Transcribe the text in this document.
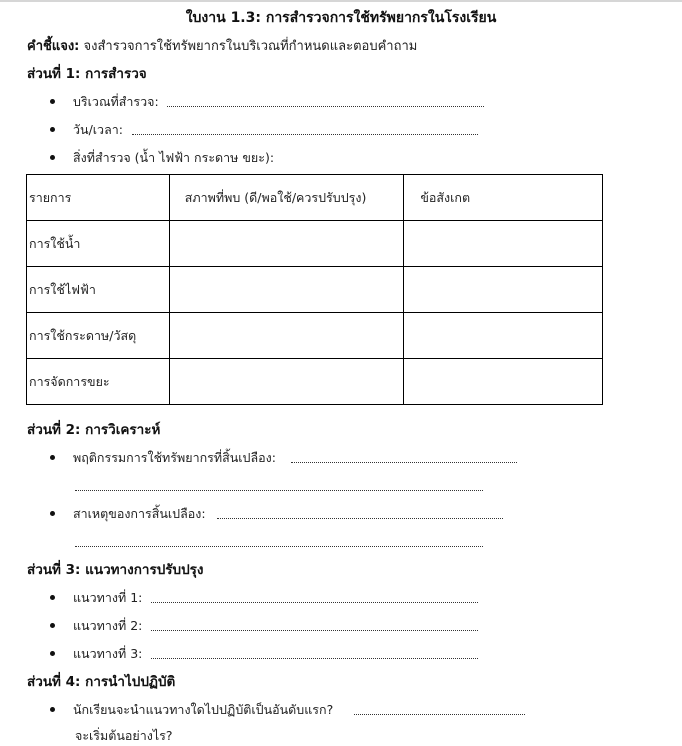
ใบงาน 1.3: การสำรวจการใช้ทรัพยากรในโรงเรียน
คำชี้แจง: จงสำรวจการใช้ทรัพยากรในบริเวณที่กำหนดและตอบคำถาม
ส่วนที่ 1: การสำรวจ
บริเวณที่สำรวจ:
วัน/เวลา:
สิ่งที่สำรวจ (น้ำ ไฟฟ้า กระดาษ ขยะ):
รายการ	สภาพที่พบ (ดี/พอใช้/ควรปรับปรุง)	ข้อสังเกต
การใช้น้ำ		
การใช้ไฟฟ้า		
การใช้กระดาษ/วัสดุ		
การจัดการขยะ		
ส่วนที่ 2: การวิเคราะห์
พฤติกรรมการใช้ทรัพยากรที่สิ้นเปลือง:
สาเหตุของการสิ้นเปลือง:
ส่วนที่ 3: แนวทางการปรับปรุง
แนวทางที่ 1:
แนวทางที่ 2:
แนวทางที่ 3:
ส่วนที่ 4: การนำไปปฏิบัติ
นักเรียนจะนำแนวทางใดไปปฏิบัติเป็นอันดับแรก?
จะเริ่มต้นอย่างไร?
